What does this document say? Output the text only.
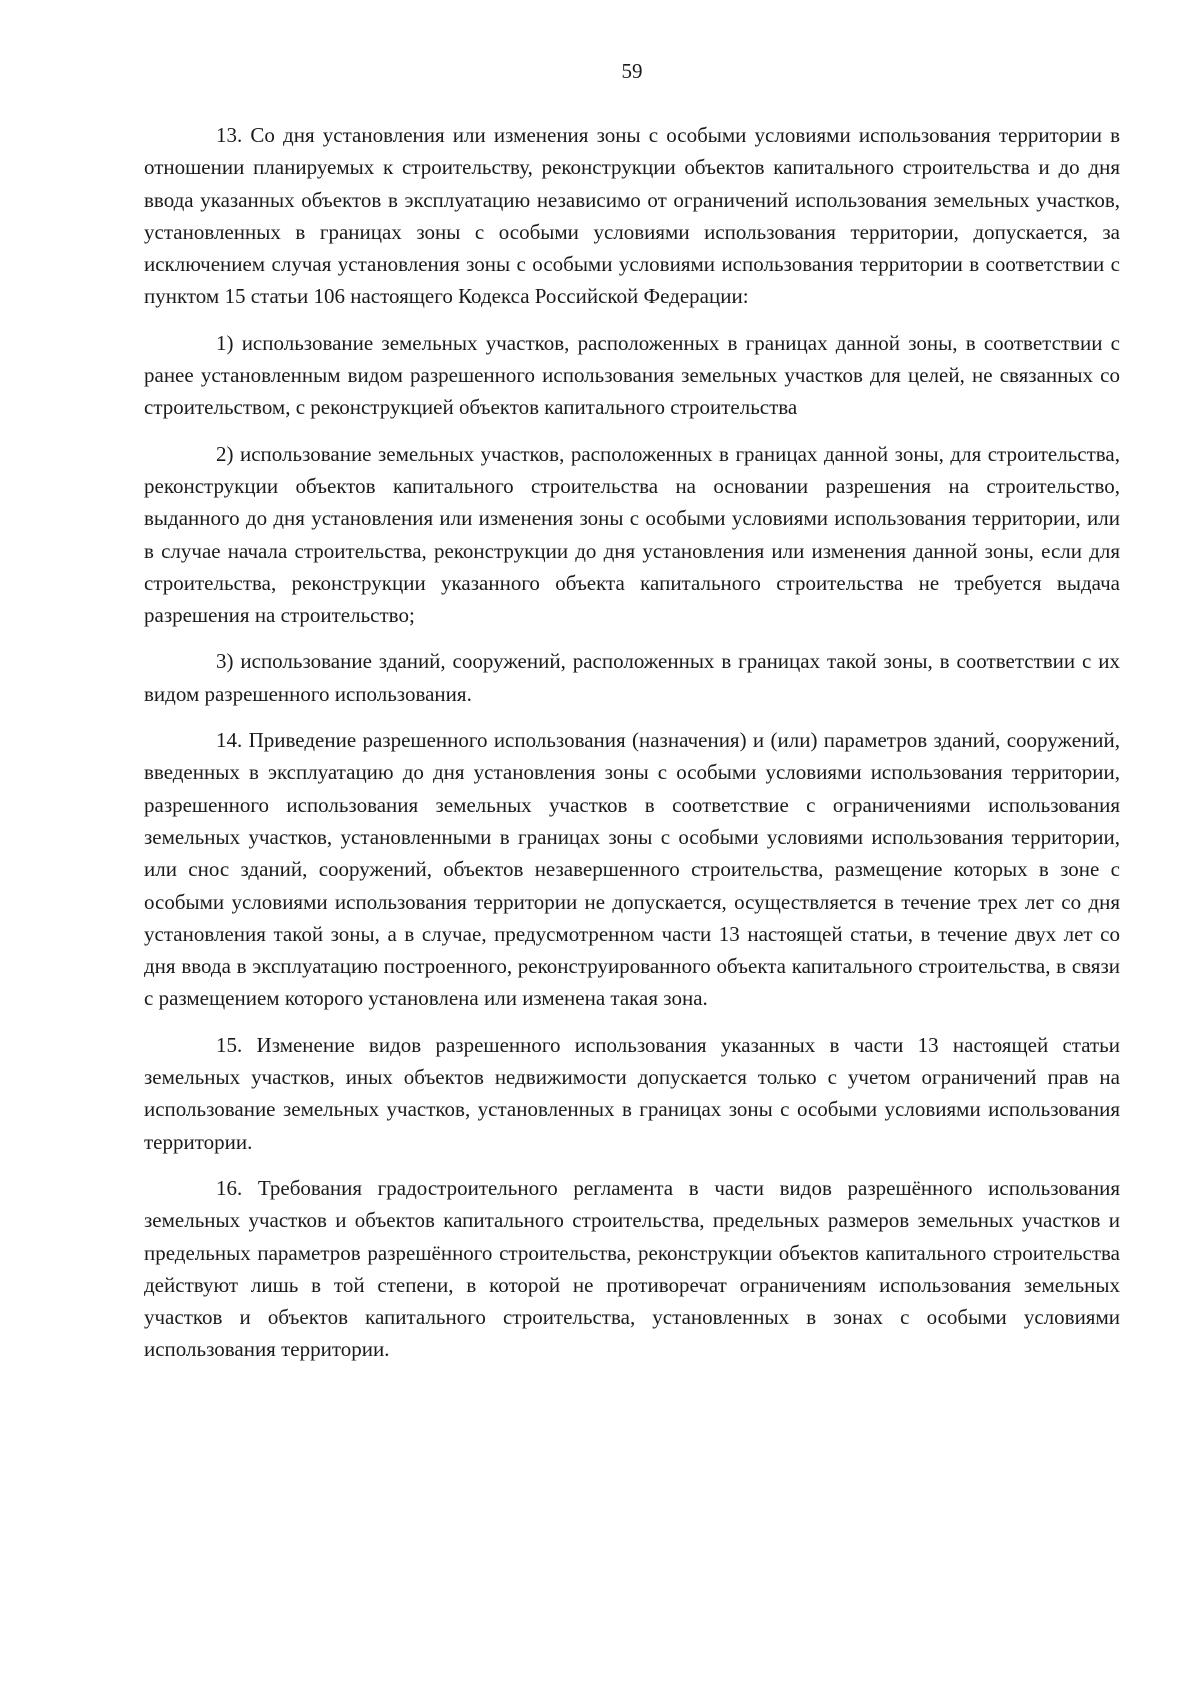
59

13. Со дня установления или изменения зоны с особыми условиями использования территории в отношении планируемых к строительству, реконструкции объектов капитального строительства и до дня ввода указанных объектов в эксплуатацию независимо от ограничений использования земельных участков, установленных в границах зоны с особыми условиями использования территории, допускается, за исключением случая установления зоны с особыми условиями использования территории в соответствии с пунктом 15 статьи 106 настоящего Кодекса Российской Федерации:

1) использование земельных участков, расположенных в границах данной зоны, в соответствии с ранее установленным видом разрешенного использования земельных участков для целей, не связанных со строительством, с реконструкцией объектов капитального строительства

2) использование земельных участков, расположенных в границах данной зоны, для строительства, реконструкции объектов капитального строительства на основании разрешения на строительство, выданного до дня установления или изменения зоны с особыми условиями использования территории, или в случае начала строительства, реконструкции до дня установления или изменения данной зоны, если для строительства, реконструкции указанного объекта капитального строительства не требуется выдача разрешения на строительство;

3) использование зданий, сооружений, расположенных в границах такой зоны, в соответствии с их видом разрешенного использования.

14. Приведение разрешенного использования (назначения) и (или) параметров зданий, сооружений, введенных в эксплуатацию до дня установления зоны с особыми условиями использования территории, разрешенного использования земельных участков в соответствие с ограничениями использования земельных участков, установленными в границах зоны с особыми условиями использования территории, или снос зданий, сооружений, объектов незавершенного строительства, размещение которых в зоне с особыми условиями использования территории не допускается, осуществляется в течение трех лет со дня установления такой зоны, а в случае, предусмотренном части 13 настоящей статьи, в течение двух лет со дня ввода в эксплуатацию построенного, реконструированного объекта капитального строительства, в связи с размещением которого установлена или изменена такая зона.

15. Изменение видов разрешенного использования указанных в части 13 настоящей статьи земельных участков, иных объектов недвижимости допускается только с учетом ограничений прав на использование земельных участков, установленных в границах зоны с особыми условиями использования территории.

16. Требования градостроительного регламента в части видов разрешённого использования земельных участков и объектов капитального строительства, предельных размеров земельных участков и предельных параметров разрешённого строительства, реконструкции объектов капитального строительства действуют лишь в той степени, в которой не противоречат ограничениям использования земельных участков и объектов капитального строительства, установленных в зонах с особыми условиями использования территории.
